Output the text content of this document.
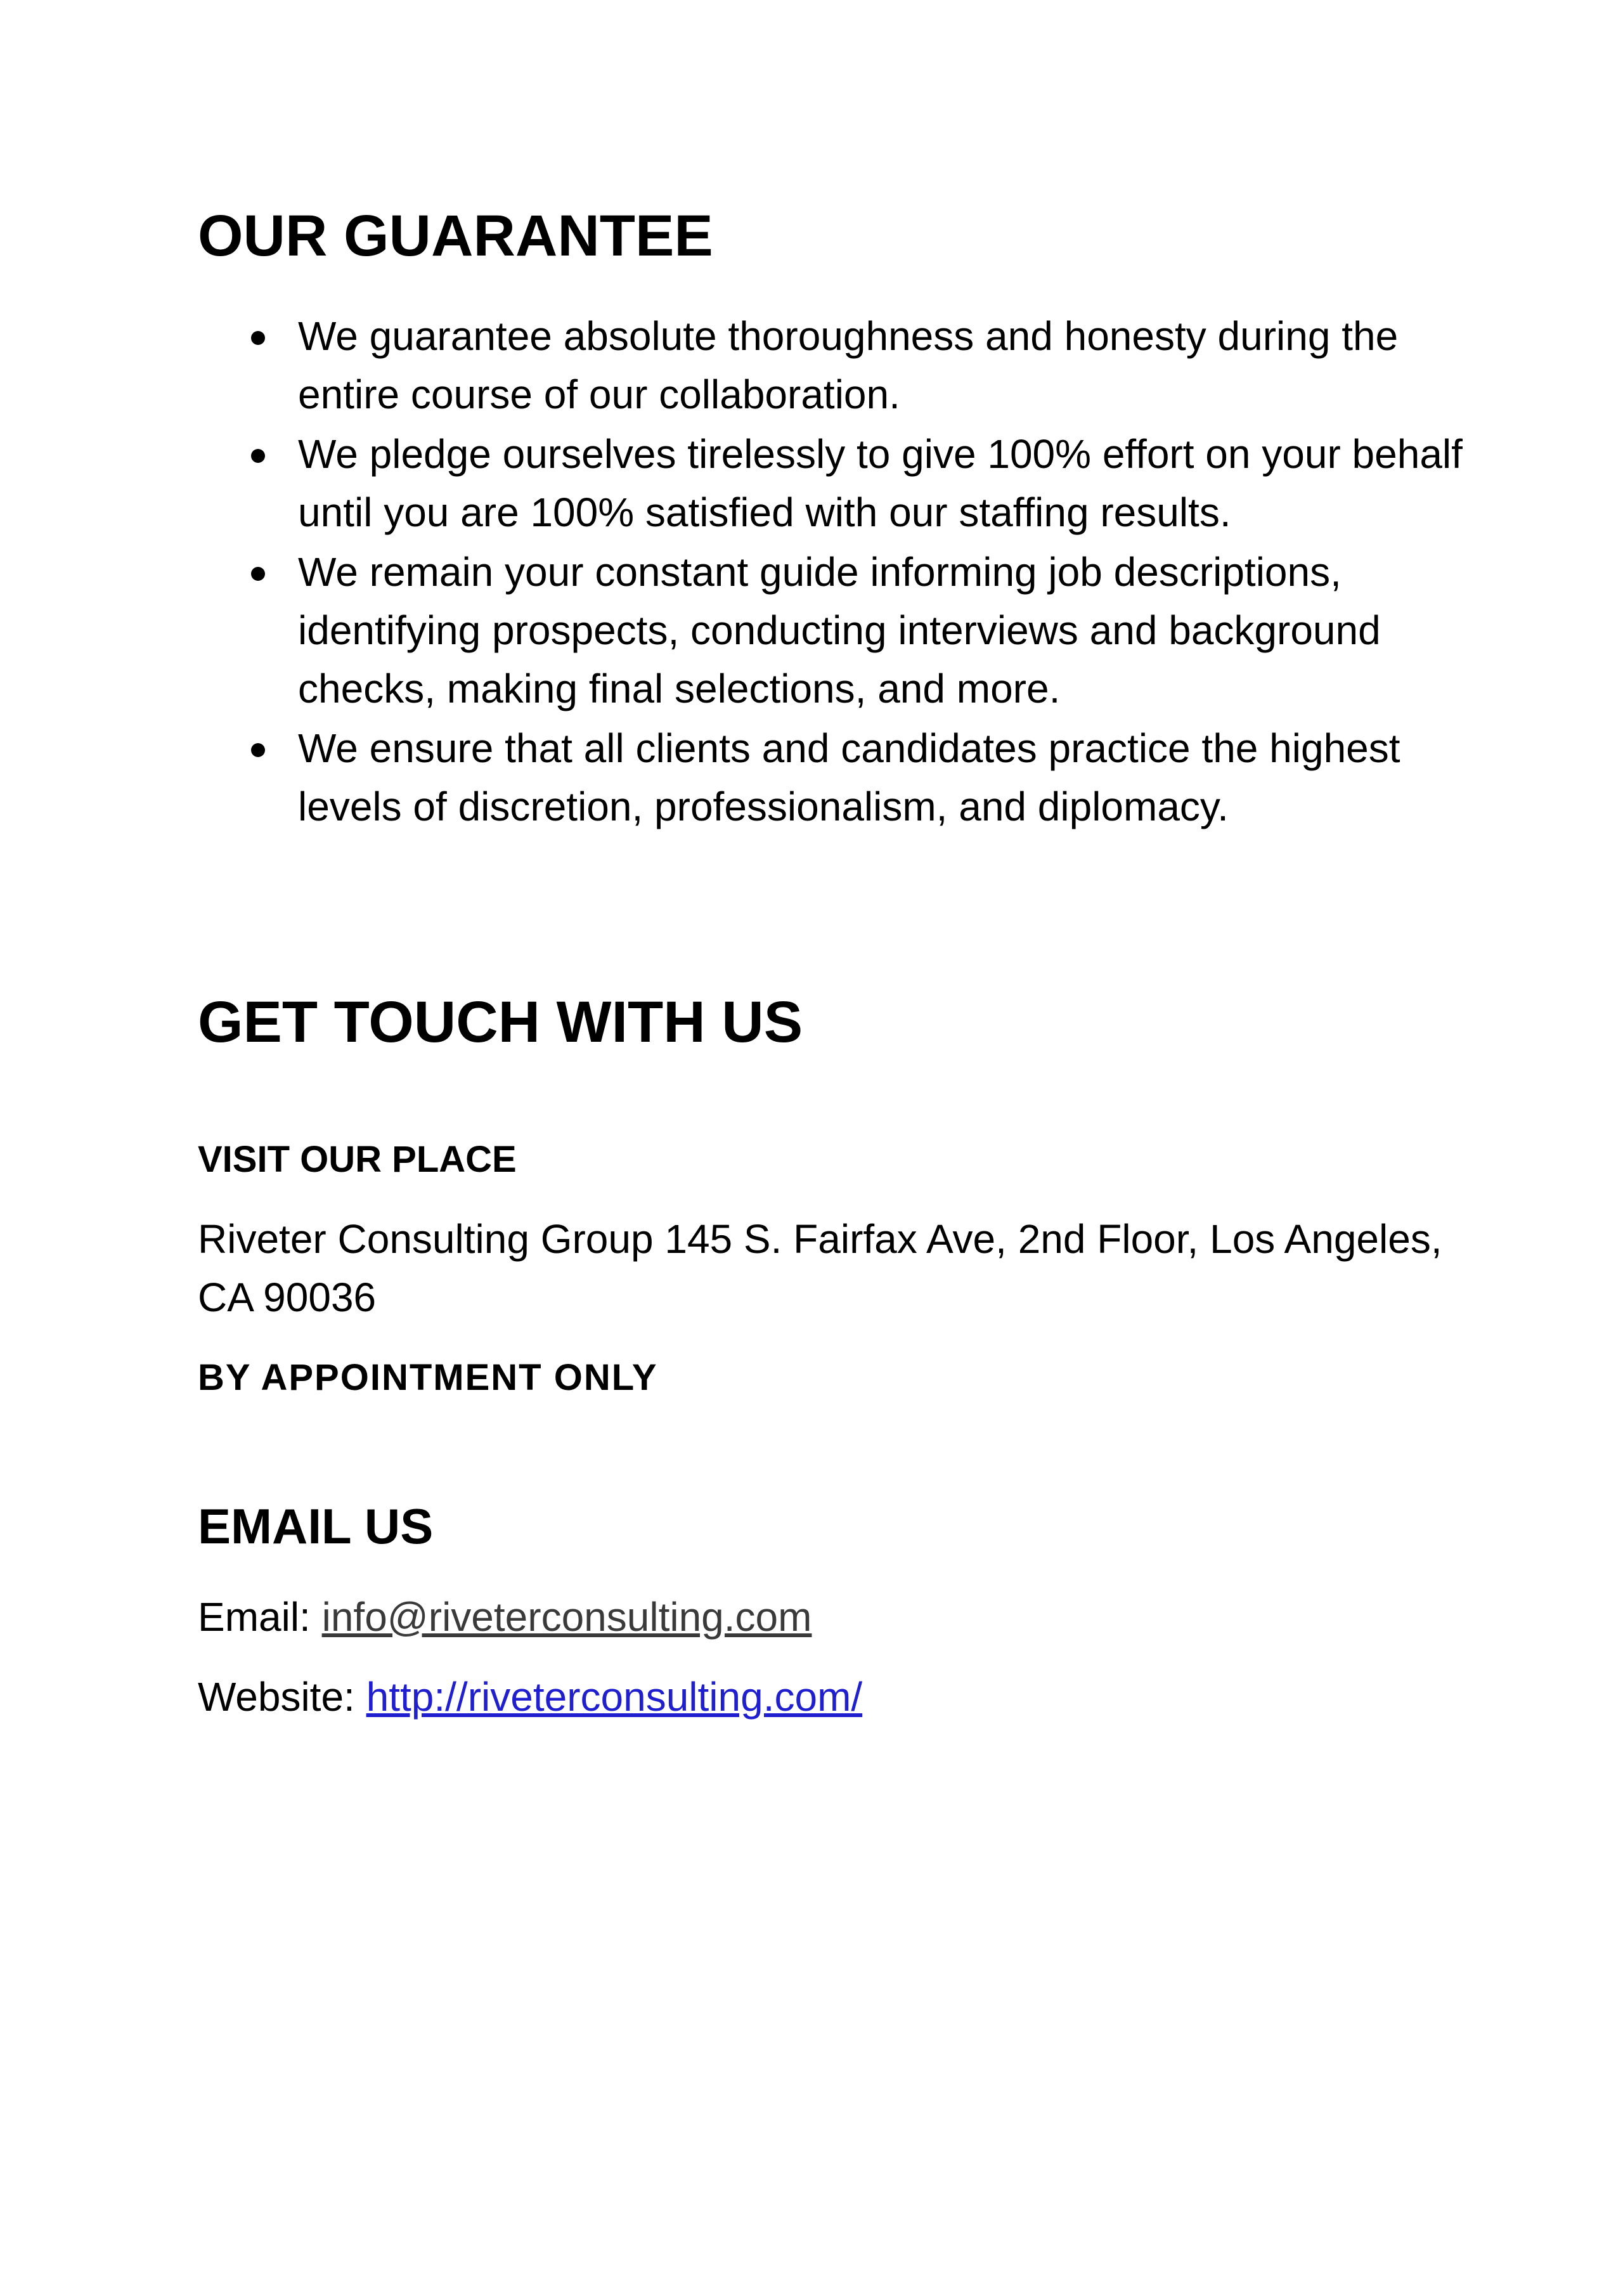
OUR GUARANTEE
We guarantee absolute thoroughness and honesty during the entire course of our collaboration.
We pledge ourselves tirelessly to give 100% effort on your behalf until you are 100% satisfied with our staffing results.
We remain your constant guide informing job descriptions, identifying prospects, conducting interviews and background checks, making final selections, and more.
We ensure that all clients and candidates practice the highest levels of discretion, professionalism, and diplomacy.
GET TOUCH WITH US
VISIT OUR PLACE

Riveter Consulting Group 145 S. Fairfax Ave, 2nd Floor, Los Angeles, CA 90036

BY APPOINTMENT ONLY
EMAIL US

Email: info@riveterconsulting.com

Website: http://riveterconsulting.com/
